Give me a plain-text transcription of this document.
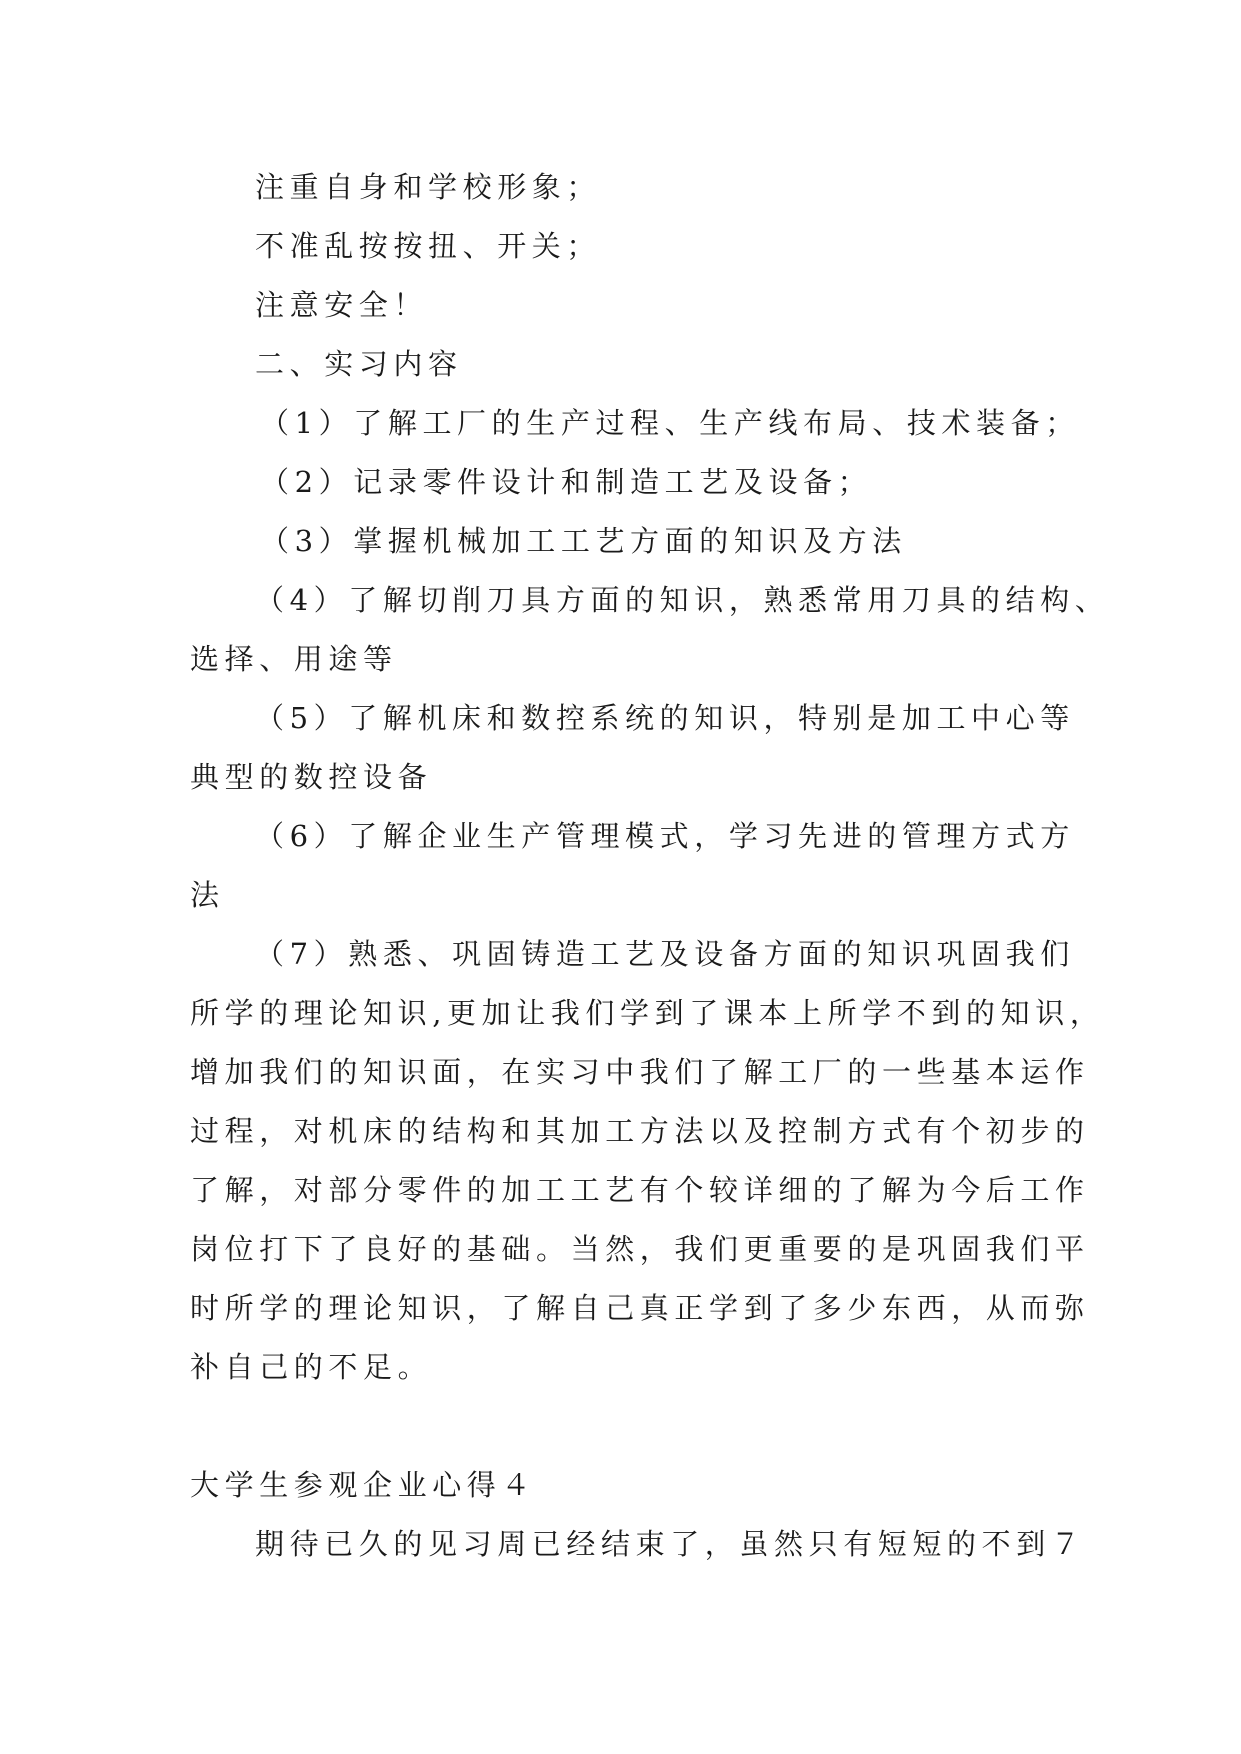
注重自身和学校形象；
不准乱按按扭、开关；
注意安全！
二、实习内容
（1）了解工厂的生产过程、生产线布局、技术装备；
（2）记录零件设计和制造工艺及设备；
（3）掌握机械加工工艺方面的知识及方法
（4）了解切削刀具方面的知识，熟悉常用刀具的结构、
选择、用途等
（5）了解机床和数控系统的知识，特别是加工中心等
典型的数控设备
（6）了解企业生产管理模式，学习先进的管理方式方
法
（7）熟悉、巩固铸造工艺及设备方面的知识巩固我们
所学的理论知识,更加让我们学到了课本上所学不到的知识，
增加我们的知识面，在实习中我们了解工厂的一些基本运作
过程，对机床的结构和其加工方法以及控制方式有个初步的
了解，对部分零件的加工工艺有个较详细的了解为今后工作
岗位打下了良好的基础。当然，我们更重要的是巩固我们平
时所学的理论知识，了解自己真正学到了多少东西，从而弥
补自己的不足。
大学生参观企业心得４
期待已久的见习周已经结束了，虽然只有短短的不到７
